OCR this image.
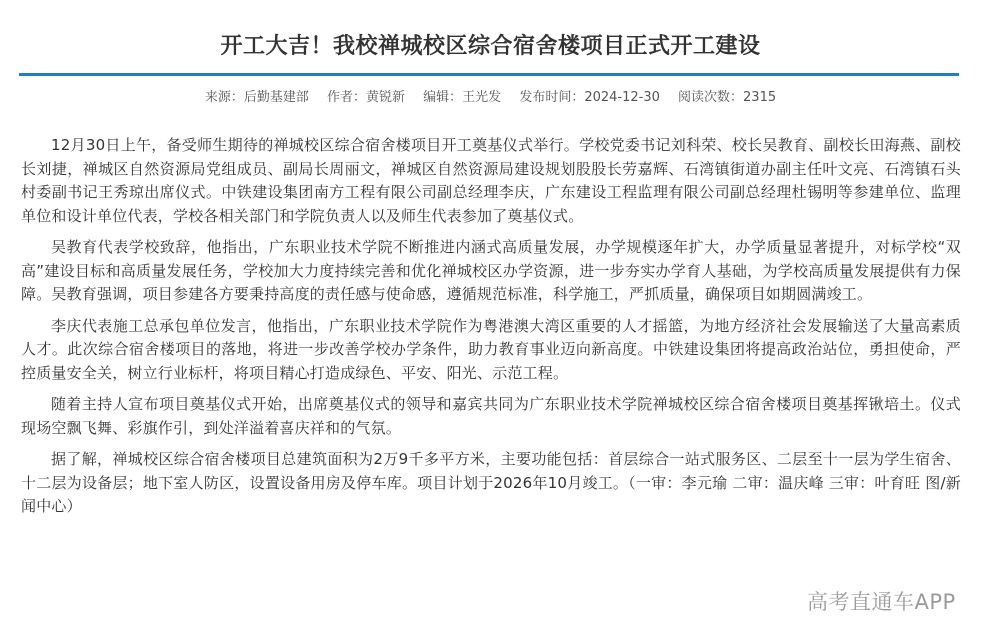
开工大吉！我校禅城校区综合宿舍楼项目正式开工建设
来源：后勤基建部 作者：黄锐新 编辑：王光发 发布时间：2024-12-30 阅读次数：2315

12月30日上午，备受师生期待的禅城校区综合宿舍楼项目开工奠基仪式举行。学校党委书记刘科荣、校长吴教育、副校长田海燕、副校长刘捷，禅城区自然资源局党组成员、副局长周丽文，禅城区自然资源局建设规划股股长劳嘉辉、石湾镇街道办副主任叶文亮、石湾镇石头村委副书记王秀琼出席仪式。中铁建设集团南方工程有限公司副总经理李庆，广东建设工程监理有限公司副总经理杜锡明等参建单位、监理单位和设计单位代表，学校各相关部门和学院负责人以及师生代表参加了奠基仪式。

吴教育代表学校致辞，他指出，广东职业技术学院不断推进内涵式高质量发展，办学规模逐年扩大，办学质量显著提升，对标学校“双高”建设目标和高质量发展任务，学校加大力度持续完善和优化禅城校区办学资源，进一步夯实办学育人基础，为学校高质量发展提供有力保障。吴教育强调，项目参建各方要秉持高度的责任感与使命感，遵循规范标准，科学施工，严抓质量，确保项目如期圆满竣工。

李庆代表施工总承包单位发言，他指出，广东职业技术学院作为粤港澳大湾区重要的人才摇篮，为地方经济社会发展输送了大量高素质人才。此次综合宿舍楼项目的落地，将进一步改善学校办学条件，助力教育事业迈向新高度。中铁建设集团将提高政治站位，勇担使命，严控质量安全关，树立行业标杆，将项目精心打造成绿色、平安、阳光、示范工程。

随着主持人宣布项目奠基仪式开始，出席奠基仪式的领导和嘉宾共同为广东职业技术学院禅城校区综合宿舍楼项目奠基挥锹培土。仪式现场空飘飞舞、彩旗作引，到处洋溢着喜庆祥和的气氛。

据了解，禅城校区综合宿舍楼项目总建筑面积为2万9千多平方米，主要功能包括：首层综合一站式服务区、二层至十一层为学生宿舍、十二层为设备层；地下室人防区，设置设备用房及停车库。项目计划于2026年10月竣工。（一审：李元瑜 二审：温庆峰 三审：叶育旺 图/新闻中心）

高考直通车APP
